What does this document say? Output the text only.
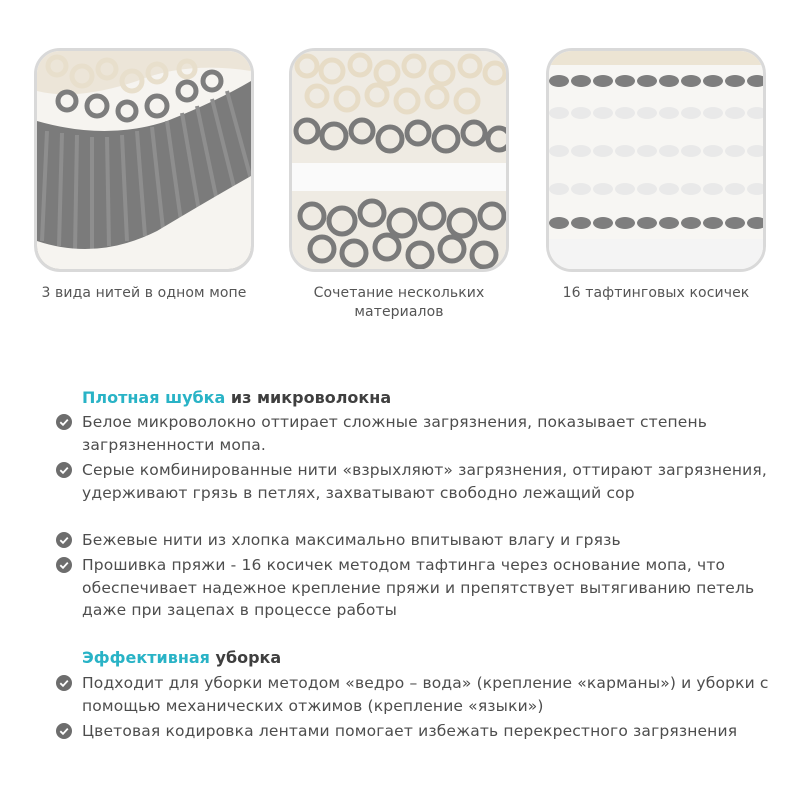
3 вида нитей в одном мопе	Сочетание нескольких материалов
16 тафтинговых косичек
Плотная шубка из микроволокна
Белое микроволокно оттирает сложные загрязнения, показывает степень загрязненности мопа.
Серые комбинированные нити «взрыхляют» загрязнения, оттирают загрязнения, удерживают грязь в петлях, захватывают свободно лежащий сор
Бежевые нити из хлопка максимально впитывают влагу и грязь
Прошивка пряжи - 16 косичек методом тафтинга через основание мопа, что обеспечивает надежное крепление пряжи и препятствует вытягиванию петель даже при зацепах в процессе работы
Эффективная уборка
Подходит для уборки методом «ведро – вода» (крепление «карманы») и уборки с помощью механических отжимов (крепление «языки»)
Цветовая кодировка лентами помогает избежать перекрестного загрязнения
